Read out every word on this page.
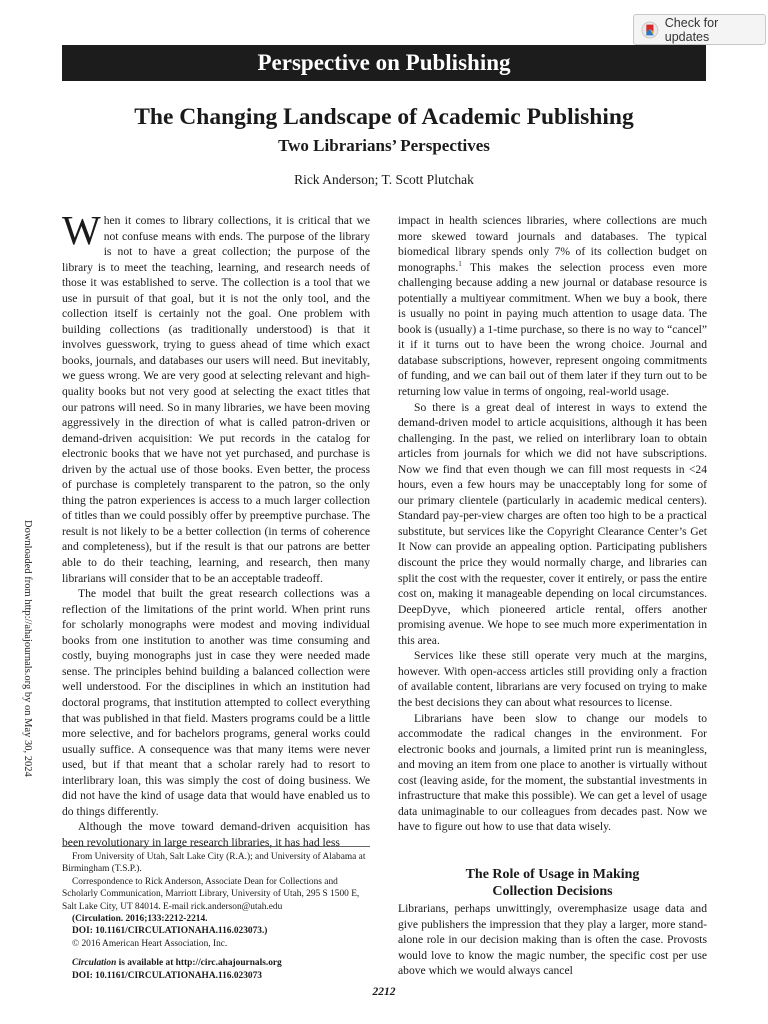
Check for updates
Perspective on Publishing
The Changing Landscape of Academic Publishing
Two Librarians’ Perspectives
Rick Anderson; T. Scott Plutchak
Downloaded from http://ahajournals.org by on May 30, 2024

When it comes to library collections, it is critical that we not confuse means with ends. The purpose of the library is not to have a great collection; the purpose of the library is to meet the teaching, learning, and research needs of those it was established to serve. The collection is a tool that we use in pursuit of that goal, but it is not the only tool, and the collection itself is certainly not the goal. One problem with building collections (as traditionally understood) is that it involves guesswork, trying to guess ahead of time which exact books, journals, and databases our users will need. But inevitably, we guess wrong. We are very good at selecting relevant and high-quality books but not very good at selecting the exact titles that our patrons will need. So in many libraries, we have been moving aggressively in the direction of what is called patron-driven or demand-driven acquisition: We put records in the catalog for electronic books that we have not yet purchased, and purchase is driven by the actual use of those books. Even better, the process of purchase is completely transparent to the patron, so the only thing the patron experiences is access to a much larger collection of titles than we could possibly offer by preemptive purchase. The result is not likely to be a better collection (in terms of coherence and completeness), but if the result is that our patrons are better able to do their teaching, learning, and research, then many librarians will consider that to be an acceptable tradeoff.

The model that built the great research collections was a reflection of the limitations of the print world. When print runs for scholarly monographs were modest and moving individual books from one institution to another was time consuming and costly, buying monographs just in case they were needed made sense. The principles behind building a balanced collection were well understood. For the disciplines in which an institution had doctoral programs, that institution attempted to collect everything that was published in that field. Masters programs could be a little more selective, and for bachelors programs, general works could usually suffice. A consequence was that many items were never used, but if that meant that a scholar rarely had to resort to interlibrary loan, this was simply the cost of doing business. We did not have the kind of usage data that would have enabled us to do things differently.

Although the move toward demand-driven acquisition has been revolutionary in large research libraries, it has had less

impact in health sciences libraries, where collections are much more skewed toward journals and databases. The typical biomedical library spends only 7% of its collection budget on monographs.$^1$ This makes the selection process even more challenging because adding a new journal or database resource is potentially a multiyear commitment. When we buy a book, there is usually no point in paying much attention to usage data. The book is (usually) a 1-time purchase, so there is no way to “cancel” it if it turns out to have been the wrong choice. Journal and database subscriptions, however, represent ongoing commitments of funding, and we can bail out of them later if they turn out to be returning low value in terms of ongoing, real-world usage.

So there is a great deal of interest in ways to extend the demand-driven model to article acquisitions, although it has been challenging. In the past, we relied on interlibrary loan to obtain articles from journals for which we did not have subscriptions. Now we find that even though we can fill most requests in <24 hours, even a few hours may be unacceptably long for some of our primary clientele (particularly in academic medical centers). Standard pay-per-view charges are often too high to be a practical substitute, but services like the Copyright Clearance Center’s Get It Now can provide an appealing option. Participating publishers discount the price they would normally charge, and libraries can split the cost with the requester, cover it entirely, or pass the entire cost on, making it manageable depending on local circumstances. DeepDyve, which pioneered article rental, offers another promising avenue. We hope to see much more experimentation in this area.

Services like these still operate very much at the margins, however. With open-access articles still providing only a fraction of available content, librarians are very focused on trying to make the best decisions they can about what resources to license.

Librarians have been slow to change our models to accommodate the radical changes in the environment. For electronic books and journals, a limited print run is meaningless, and moving an item from one place to another is virtually without cost (leaving aside, for the moment, the substantial investments in infrastructure that make this possible). We can get a level of usage data unimaginable to our colleagues from decades past. Now we have to figure out how to use that data wisely.

From University of Utah, Salt Lake City (R.A.); and University of Alabama at Birmingham (T.S.P.).

Correspondence to Rick Anderson, Associate Dean for Collections and Scholarly Communication, Marriott Library, University of Utah, 295 S 1500 E, Salt Lake City, UT 84014. E-mail rick.anderson@utah.edu

(Circulation. 2016;133:2212-2214.

DOI: 10.1161/CIRCULATIONAHA.116.023073.)

© 2016 American Heart Association, Inc.

Circulation is available at http://circ.ahajournals.org

DOI: 10.1161/CIRCULATIONAHA.116.023073

The Role of Usage in Making
Collection Decisions
Librarians, perhaps unwittingly, overemphasize usage data and give publishers the impression that they play a larger, more stand-alone role in our decision making than is often the case. Provosts would love to know the magic number, the specific cost per use above which we would always cancel
2212
